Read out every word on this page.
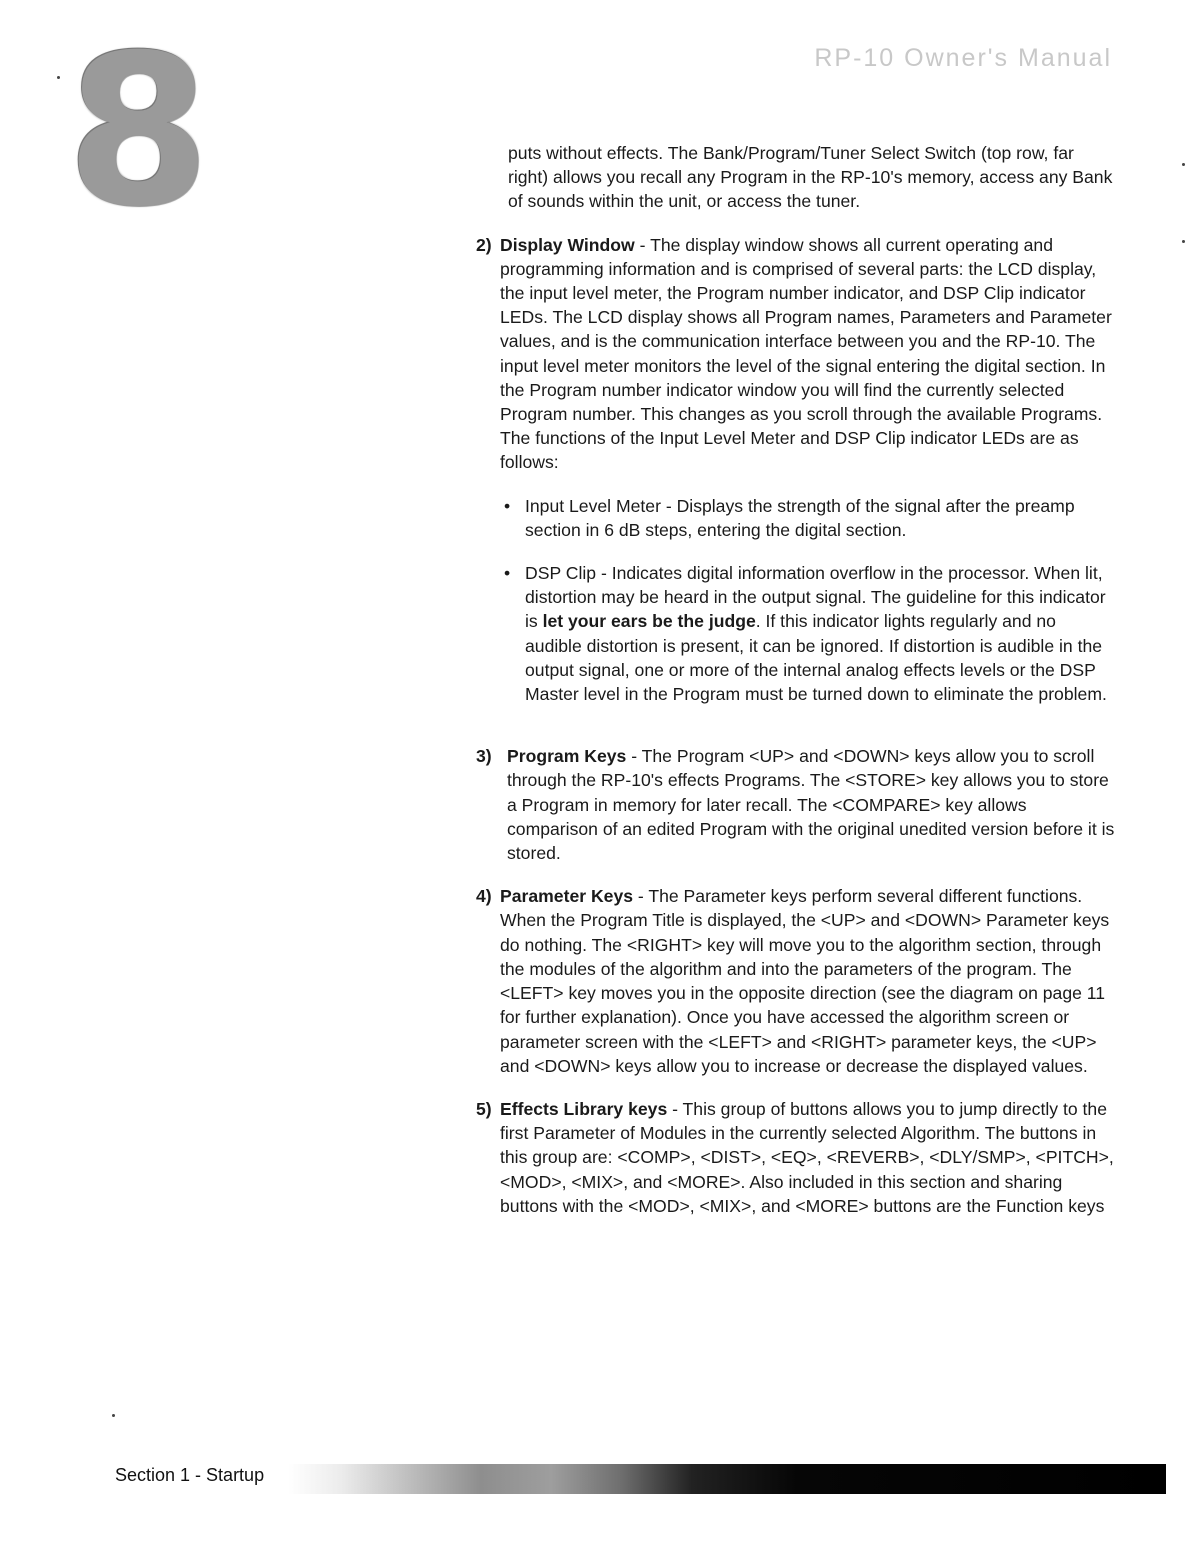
8	RP-10 Owner's Manual

puts without effects. The Bank/Program/Tuner Select Switch (top row, far right) allows you recall any Program in the RP-10's memory, access any Bank of sounds within the unit, or access the tuner.

2) Display Window - The display window shows all current operating and programming information and is comprised of several parts: the LCD display, the input level meter, the Program number indicator, and DSP Clip indicator LEDs. The LCD display shows all Program names, Parameters and Parameter values, and is the communication interface between you and the RP-10. The input level meter monitors the level of the signal entering the digital section. In the Program number indicator window you will find the currently selected Program number. This changes as you scroll through the available Programs. The functions of the Input Level Meter and DSP Clip indicator LEDs are as follows:

• Input Level Meter - Displays the strength of the signal after the preamp section in 6 dB steps, entering the digital section.
• DSP Clip - Indicates digital information overflow in the processor. When lit, distortion may be heard in the output signal. The guideline for this indicator is let your ears be the judge. If this indicator lights regularly and no audible distortion is present, it can be ignored. If distortion is audible in the output signal, one or more of the internal analog effects levels or the DSP Master level in the Program must be turned down to eliminate the problem.
3) Program Keys - The Program <UP> and <DOWN> keys allow you to scroll through the RP-10's effects Programs. The <STORE> key allows you to store a Program in memory for later recall. The <COMPARE> key allows comparison of an edited Program with the original unedited version before it is stored.

4) Parameter Keys - The Parameter keys perform several different functions. When the Program Title is displayed, the <UP> and <DOWN> Parameter keys do nothing. The <RIGHT> key will move you to the algorithm section, through the modules of the algorithm and into the parameters of the program. The <LEFT> key moves you in the opposite direction (see the diagram on page 11 for further explanation). Once you have accessed the algorithm screen or parameter screen with the <LEFT> and <RIGHT> parameter keys, the <UP> and <DOWN> keys allow you to increase or decrease the displayed values.

5) Effects Library keys - This group of buttons allows you to jump directly to the first Parameter of Modules in the currently selected Algorithm. The buttons in this group are: <COMP>, <DIST>, <EQ>, <REVERB>, <DLY/SMP>, <PITCH>, <MOD>, <MIX>, and <MORE>. Also included in this section and sharing buttons with the <MOD>, <MIX>, and <MORE> buttons are the Function keys

Section 1 - Startup
